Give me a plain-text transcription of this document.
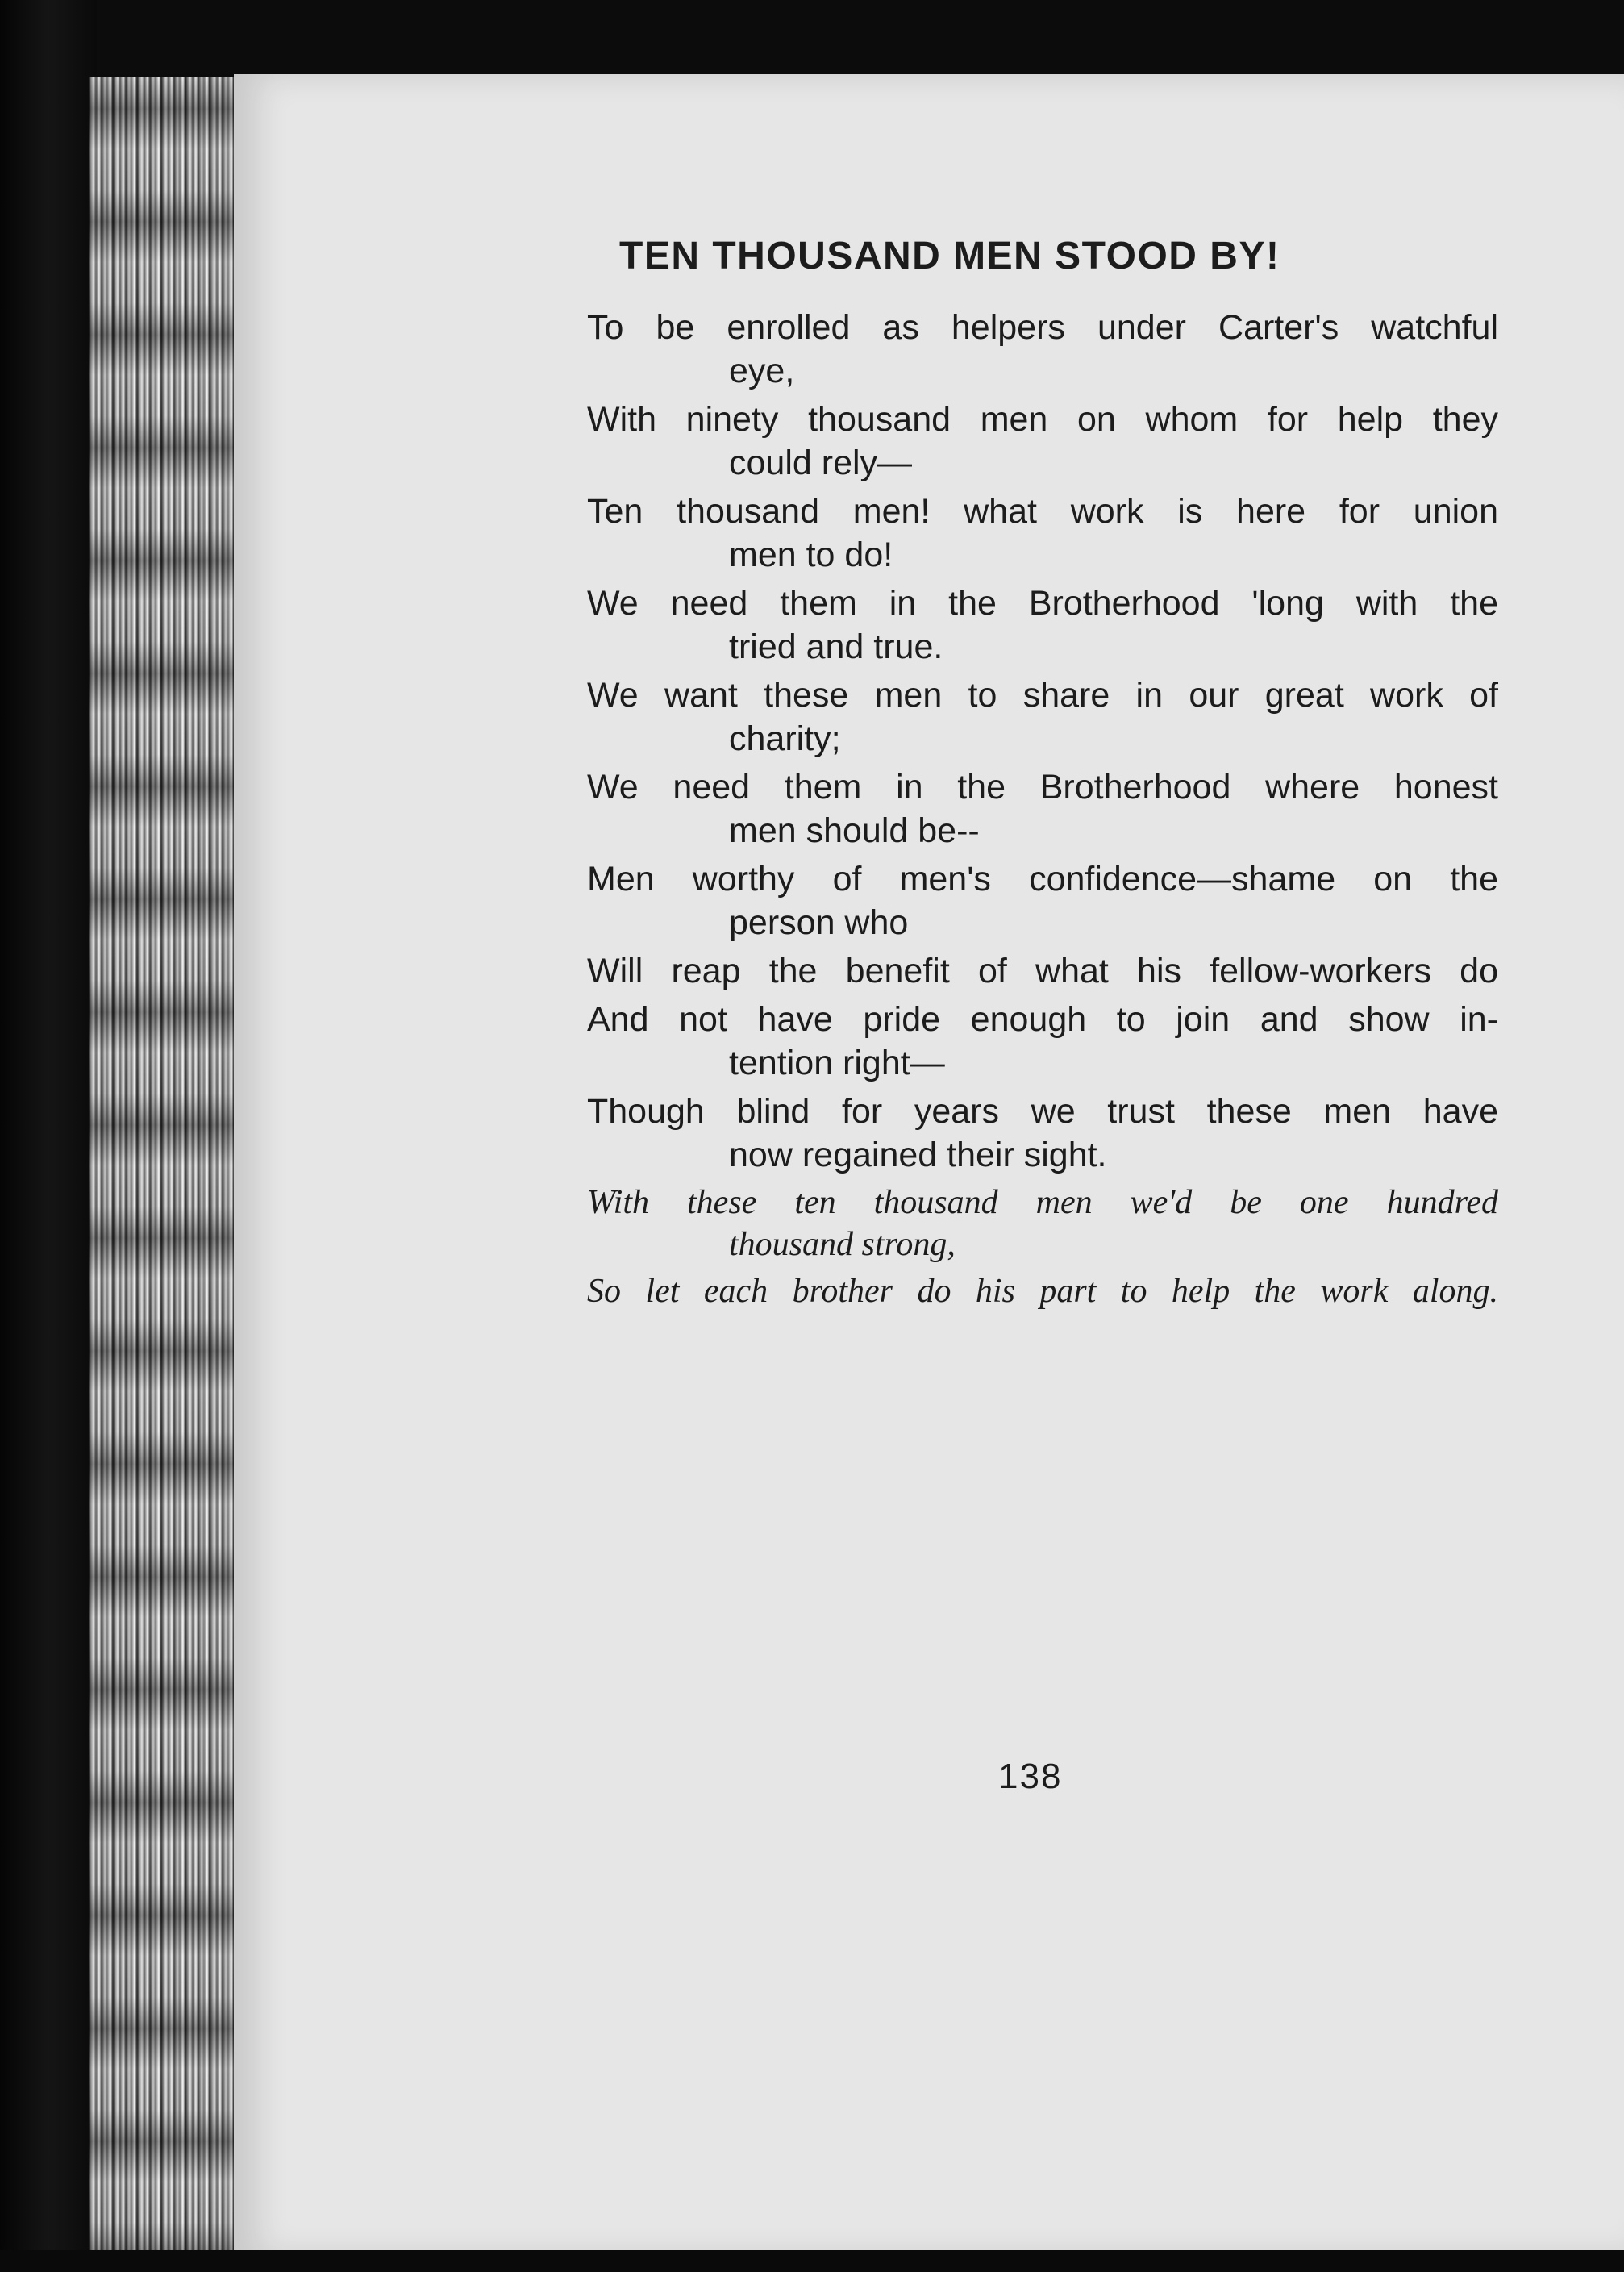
TEN THOUSAND MEN STOOD BY!
To be enrolled as helpers under Carter's watchful
eye,
With ninety thousand men on whom for help they
could rely—
Ten thousand men! what work is here for union
men to do!
We need them in the Brotherhood 'long with the
tried and true.
We want these men to share in our great work of
charity;
We need them in the Brotherhood where honest
men should be--
Men worthy of men's confidence—shame on the
person who
Will reap the benefit of what his fellow-workers do
And not have pride enough to join and show in-
tention right—
Though blind for years we trust these men have
now regained their sight.
With these ten thousand men we'd be one hundred
thousand strong,
So let each brother do his part to help the work along.
138
